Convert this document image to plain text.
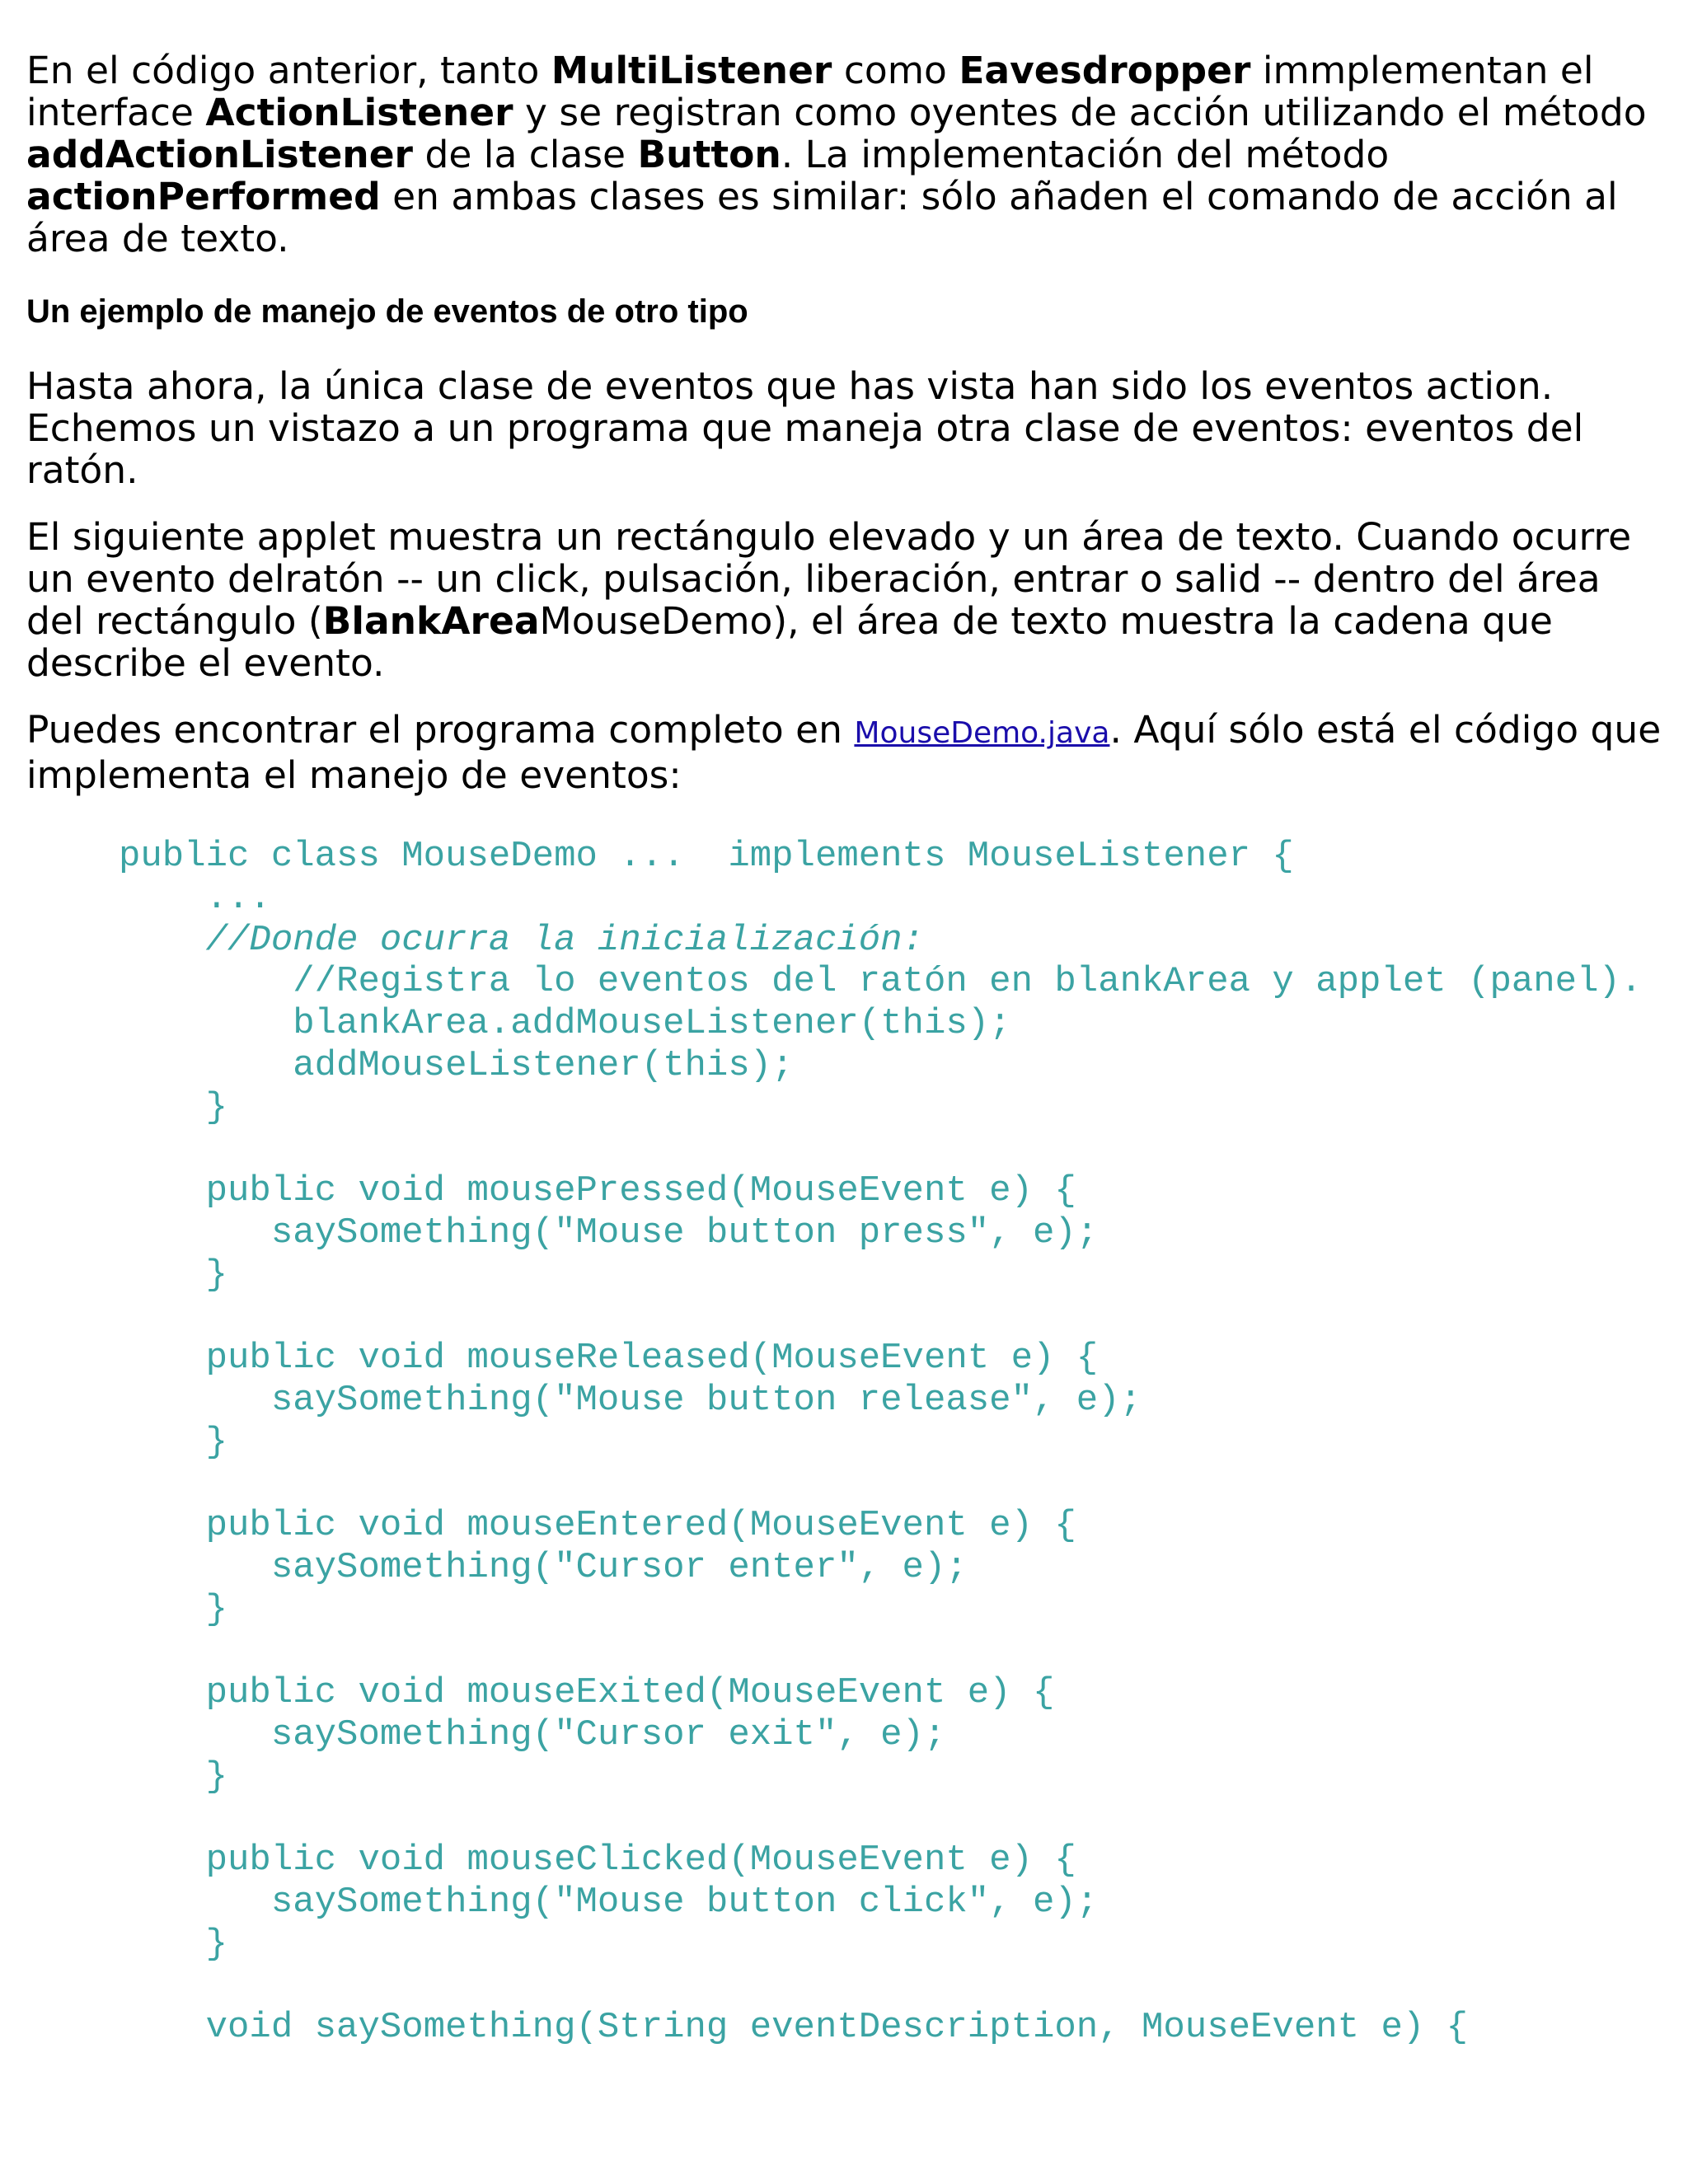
En el código anterior, tanto MultiListener como Eavesdropper immplementan el interface ActionListener y se registran como oyentes de acción utilizando el método addActionListener de la clase Button. La implementación del método actionPerformed en ambas clases es similar: sólo añaden el comando de acción al área de texto.

Un ejemplo de manejo de eventos de otro tipo

Hasta ahora, la única clase de eventos que has vista han sido los eventos action. Echemos un vistazo a un programa que maneja otra clase de eventos: eventos del ratón.

El siguiente applet muestra un rectángulo elevado y un área de texto. Cuando ocurre un evento delratón -- un click, pulsación, liberación, entrar o salid -- dentro del área del rectángulo (BlankAreaMouseDemo), el área de texto muestra la cadena que describe el evento.

Puedes encontrar el programa completo en MouseDemo.java. Aquí sólo está el código que implementa el manejo de eventos:

public class MouseDemo ...  implements MouseListener {
...
//Donde ocurra la inicialización:
//Registra lo eventos del ratón en blankArea y applet (panel).
blankArea.addMouseListener(this);
addMouseListener(this);
}

public void mousePressed(MouseEvent e) {
saySomething("Mouse button press", e);
}

public void mouseReleased(MouseEvent e) {
saySomething("Mouse button release", e);
}

public void mouseEntered(MouseEvent e) {
saySomething("Cursor enter", e);
}

public void mouseExited(MouseEvent e) {
saySomething("Cursor exit", e);
}

public void mouseClicked(MouseEvent e) {
saySomething("Mouse button click", e);
}

void saySomething(String eventDescription, MouseEvent e) {
